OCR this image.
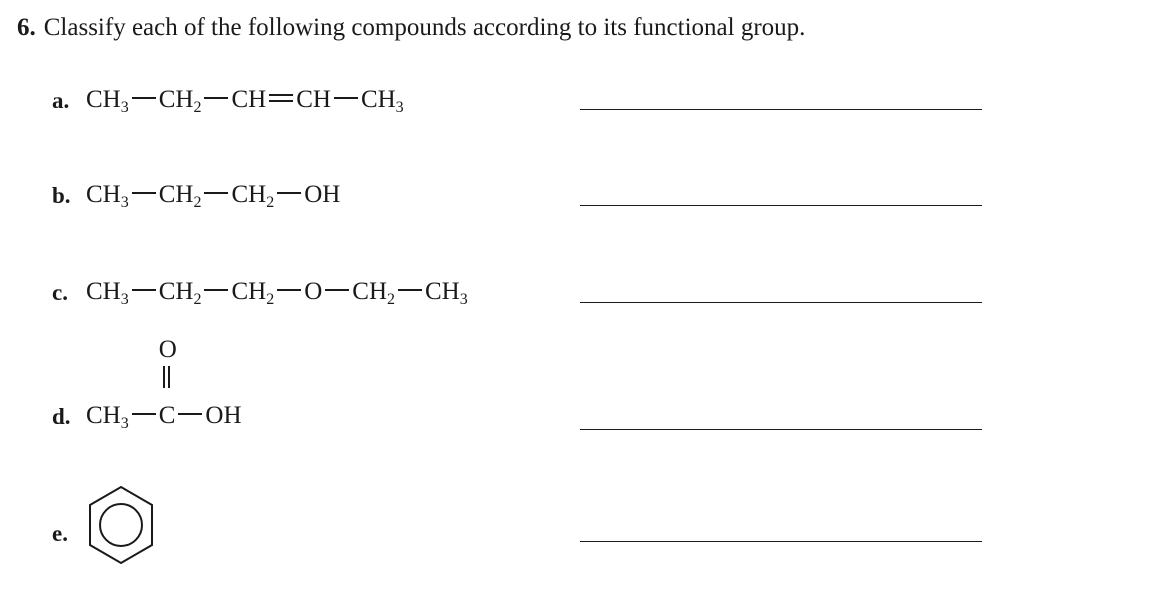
6. Classify each of the following compounds according to its functional group.
a. $CH_3$ $CH_2$ CH CH $CH_3$
b. $CH_3$ $CH_2$ $CH_2$ OH
c. $CH_3$ $CH_2$ $CH_2$ O $CH_2$ $CH_3$
d. $CH_3$
O
C OH
e.
